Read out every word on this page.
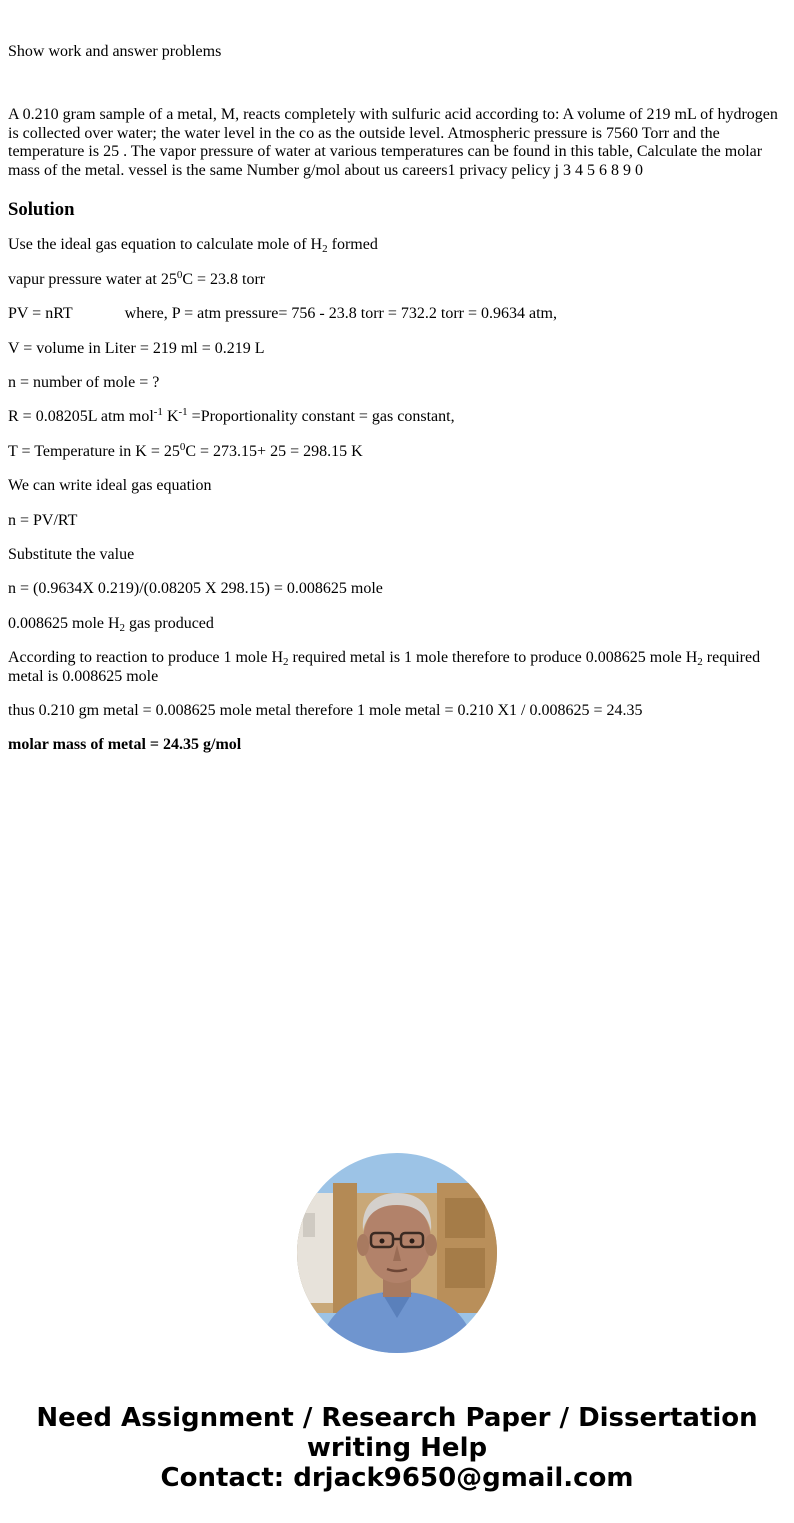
Show work and answer problems

A 0.210 gram sample of a metal, M, reacts completely with sulfuric acid according to: A volume of 219 mL of hydrogen is collected over water; the water level in the co as the outside level. Atmospheric pressure is 7560 Torr and the temperature is 25 . The vapor pressure of water at various temperatures can be found in this table, Calculate the molar mass of the metal. vessel is the same Number g/mol about us careers1 privacy pelicy j 3 4 5 6 8 9 0

Solution

Use the ideal gas equation to calculate mole of $H_2$ formed

vapur pressure water at $25^0C = 23.8$ torr

PV = nRT	where, P = atm pressure= 756 - 23.8 torr = 732.2 torr = 0.9634 atm,

V = volume in Liter = 219 ml = 0.219 L

n = number of mole = ?

R = 0.08205L atm mol$^{-1}$ $K^{-1}$ =Proportionality constant = gas constant,

T = Temperature in $K = 25^0C = 273.15+ 25 = 298.15$ K

We can write ideal gas equation

n = PV/RT

Substitute the value

n = (0.9634X 0.219)/(0.08205 X 298.15) = 0.008625 mole

0.008625 mole $H_2$ gas produced

According to reaction to produce 1 mole $H_2$ required metal is 1 mole therefore to produce 0.008625 mole $H_2$ required metal is 0.008625 mole

thus 0.210 gm metal = 0.008625 mole metal therefore 1 mole metal = 0.210 X1 / 0.008625 = 24.35

molar mass of metal = 24.35 g/mol

Need Assignment / Research Paper / Dissertation
writing Help
Contact: drjack9650@gmail.com
